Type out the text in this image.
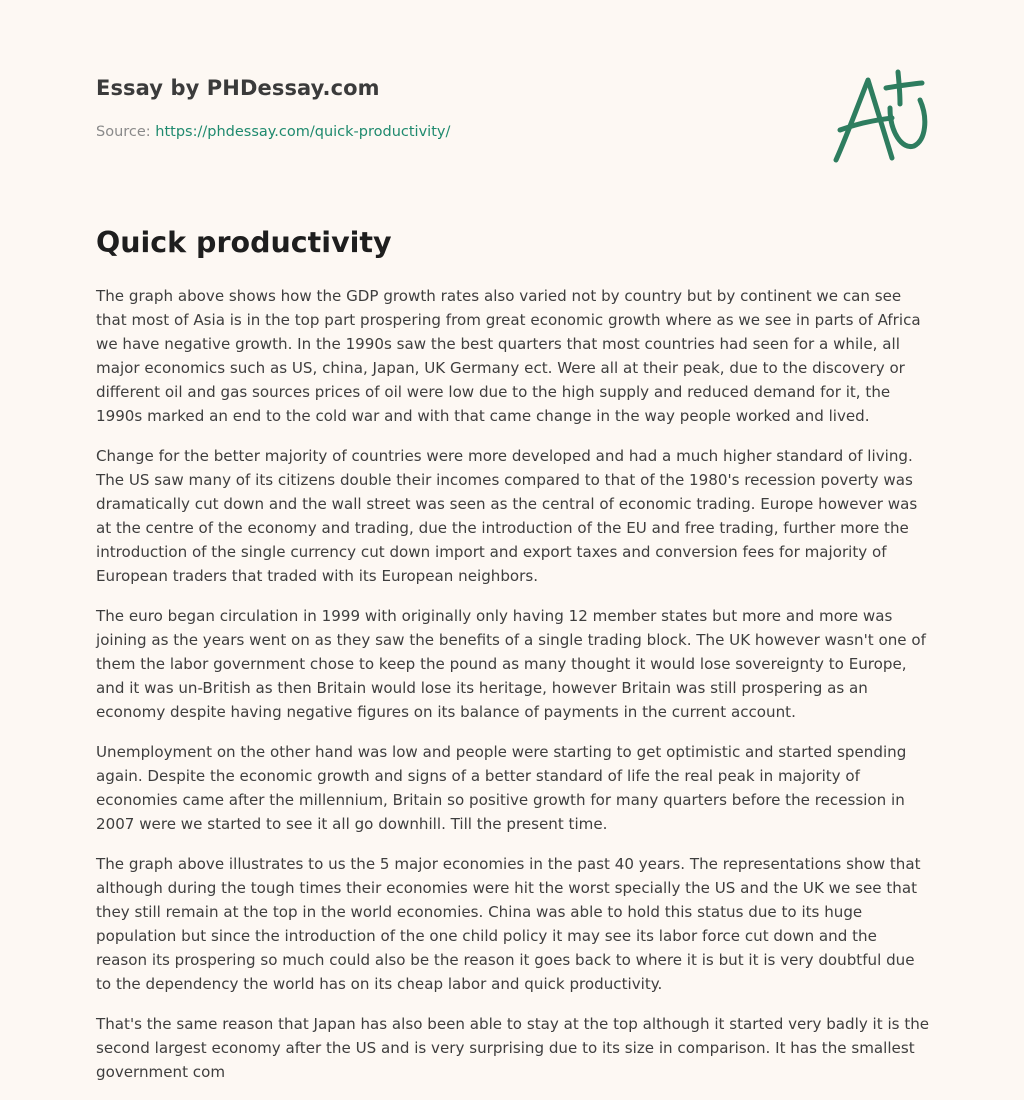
Essay by PHDessay.com
Source: https://phdessay.com/quick-productivity/
Quick productivity

The graph above shows how the GDP growth rates also varied not by country but by continent we can see that most of Asia is in the top part prospering from great economic growth where as we see in parts of Africa we have negative growth. In the 1990s saw the best quarters that most countries had seen for a while, all major economics such as US, china, Japan, UK Germany ect. Were all at their peak, due to the discovery or different oil and gas sources prices of oil were low due to the high supply and reduced demand for it, the 1990s marked an end to the cold war and with that came change in the way people worked and lived.

Change for the better majority of countries were more developed and had a much higher standard of living. The US saw many of its citizens double their incomes compared to that of the 1980's recession poverty was dramatically cut down and the wall street was seen as the central of economic trading. Europe however was at the centre of the economy and trading, due the introduction of the EU and free trading, further more the introduction of the single currency cut down import and export taxes and conversion fees for majority of European traders that traded with its European neighbors.

The euro began circulation in 1999 with originally only having 12 member states but more and more was joining as the years went on as they saw the benefits of a single trading block. The UK however wasn't one of them the labor government chose to keep the pound as many thought it would lose sovereignty to Europe, and it was un-British as then Britain would lose its heritage, however Britain was still prospering as an economy despite having negative figures on its balance of payments in the current account.

Unemployment on the other hand was low and people were starting to get optimistic and started spending again. Despite the economic growth and signs of a better standard of life the real peak in majority of economies came after the millennium, Britain so positive growth for many quarters before the recession in 2007 were we started to see it all go downhill. Till the present time.

The graph above illustrates to us the 5 major economies in the past 40 years. The representations show that although during the tough times their economies were hit the worst specially the US and the UK we see that they still remain at the top in the world economies. China was able to hold this status due to its huge population but since the introduction of the one child policy it may see its labor force cut down and the reason its prospering so much could also be the reason it goes back to where it is but it is very doubtful due to the dependency the world has on its cheap labor and quick productivity.

That's the same reason that Japan has also been able to stay at the top although it started very badly it is the second largest economy after the US and is very surprising due to its size in comparison. It has the smallest government com
